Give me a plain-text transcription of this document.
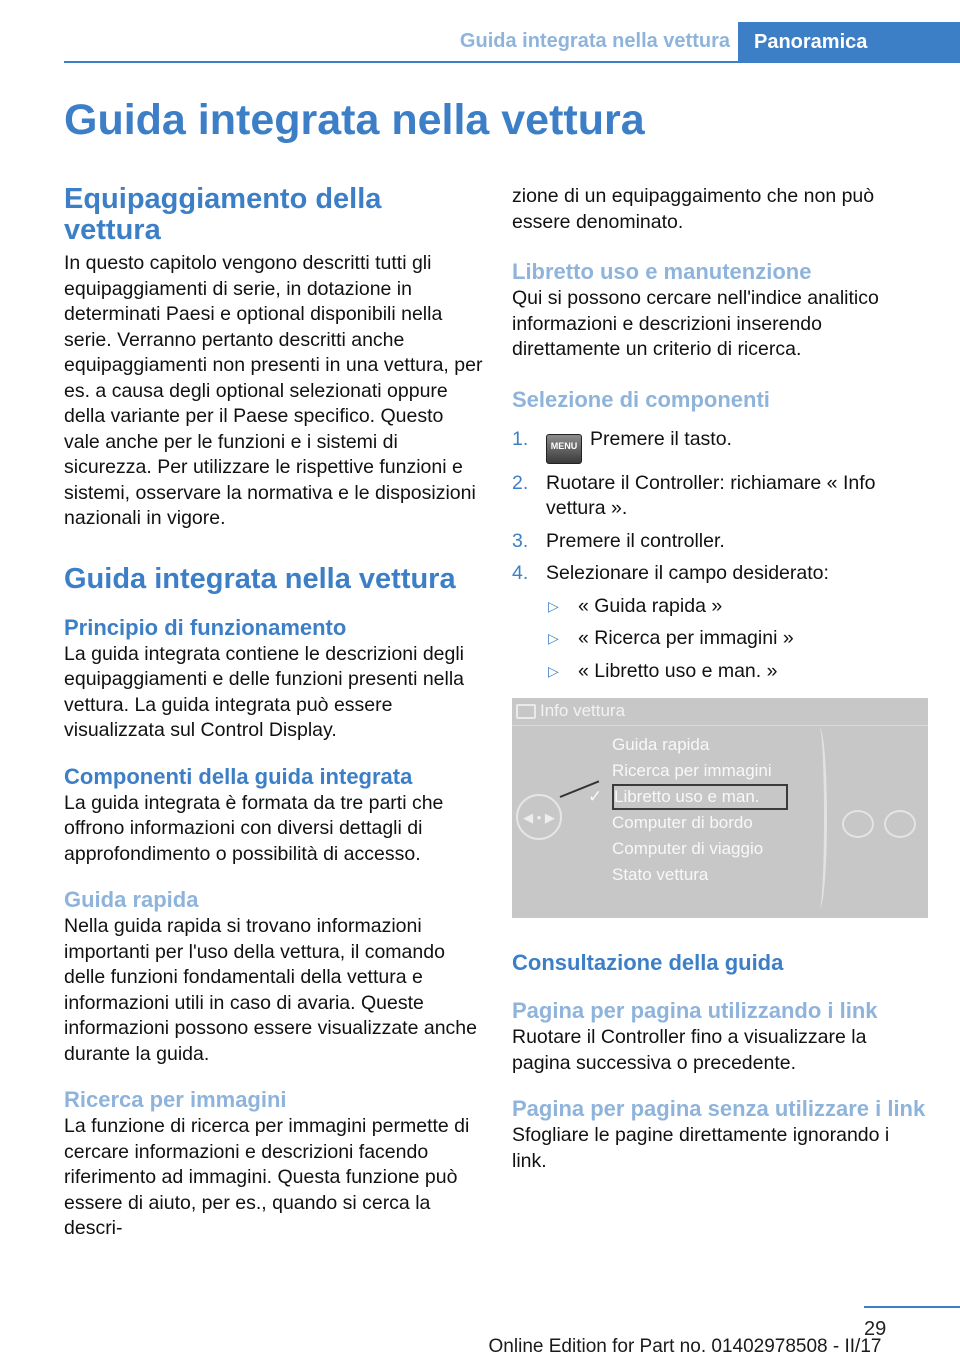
Guida integrata nella vettura	Panoramica
Guida integrata nella vettura
Equipaggiamento della vettura

In questo capitolo vengono descritti tutti gli equipaggiamenti di serie, in dotazione in determinati Paesi e optional disponibili nella serie. Verranno pertanto descritti anche equipaggiamenti non presenti in una vettura, per es. a causa degli optional selezionati oppure della variante per il Paese specifico. Questo vale anche per le funzioni e i sistemi di sicurezza. Per utilizzare le rispettive funzioni e sistemi, osservare la normativa e le disposizioni nazionali in vigore.

Guida integrata nella vettura
Principio di funzionamento

La guida integrata contiene le descrizioni degli equipaggiamenti e delle funzioni presenti nella vettura. La guida integrata può essere visualizzata sul Control Display.

Componenti della guida integrata

La guida integrata è formata da tre parti che offrono informazioni con diversi dettagli di approfondimento o possibilità di accesso.

Guida rapida

Nella guida rapida si trovano informazioni importanti per l'uso della vettura, il comando delle funzioni fondamentali della vettura e informazioni utili in caso di avaria. Queste informazioni possono essere visualizzate anche durante la guida.

Ricerca per immagini

La funzione di ricerca per immagini permette di cercare informazioni e descrizioni facendo riferimento ad immagini. Questa funzione può essere di aiuto, per es., quando si cerca la descri-

zione di un equipaggaimento che non può essere denominato.

Libretto uso e manutenzione

Qui si possono cercare nell'indice analitico informazioni e descrizioni inserendo direttamente un criterio di ricerca.

Selezione di componenti
1. MENU Premere il tasto.
2. Ruotare il Controller: richiamare « Info vettura ».
3. Premere il controller.
4. Selezionare il campo desiderato:
▷ « Guida rapida »
▷ « Ricerca per immagini »
▷ « Libretto uso e man. »
Info vettura
◀ • ▶
Guida rapida
Ricerca per immagini
✓ Libretto uso e man.
Computer di bordo
Computer di viaggio
Stato vettura
Consultazione della guida
Pagina per pagina utilizzando i link

Ruotare il Controller fino a visualizzare la pagina successiva o precedente.

Pagina per pagina senza utilizzare i link

Sfogliare le pagine direttamente ignorando i link.

29
Online Edition for Part no. 01402978508 - II/17
